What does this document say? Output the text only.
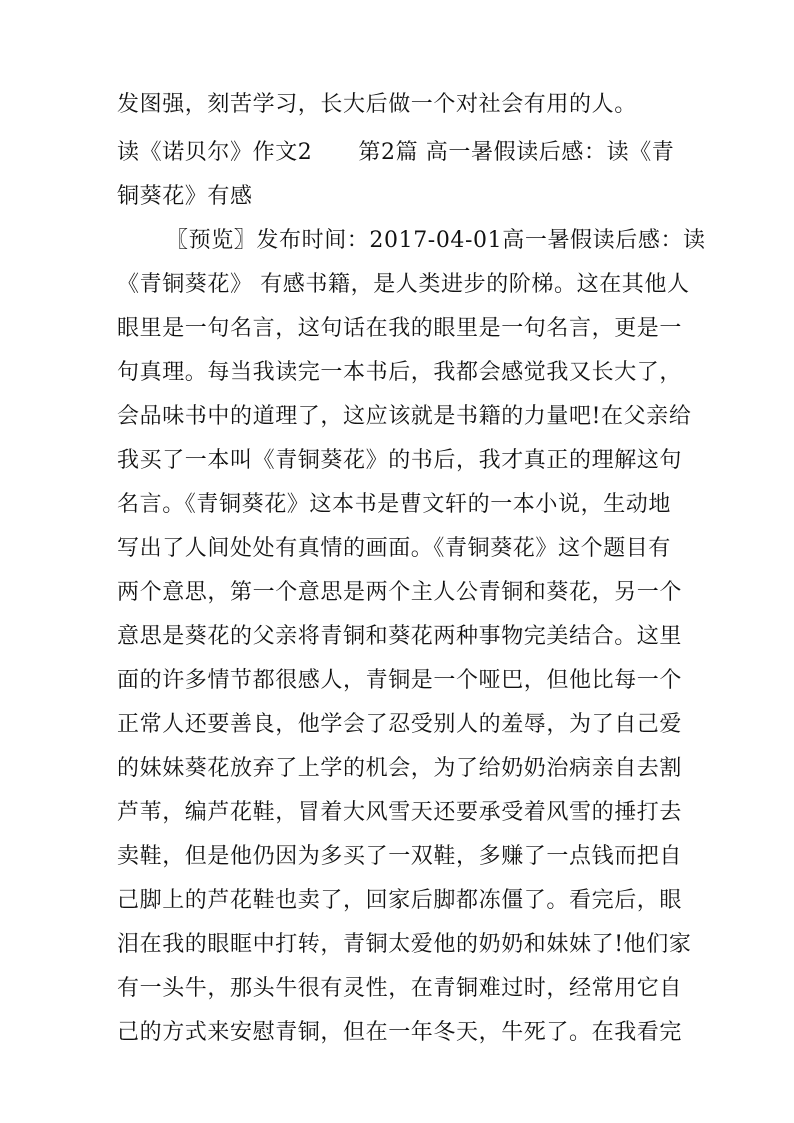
发图强，刻苦学习，长大后做一个对社会有用的人。
读《诺贝尔》作文2 第2篇 高一暑假读后感：读《青
铜葵花》有感
〖预览〗发布时间：2017-04-01高一暑假读后感：读
《青铜葵花》 有感书籍，是人类进步的阶梯。这在其他人
眼里是一句名言，这句话在我的眼里是一句名言，更是一
句真理。每当我读完一本书后，我都会感觉我又长大了，
会品味书中的道理了，这应该就是书籍的力量吧!在父亲给
我买了一本叫《青铜葵花》的书后，我才真正的理解这句
名言。《青铜葵花》这本书是曹文轩的一本小说，生动地
写出了人间处处有真情的画面。《青铜葵花》这个题目有
两个意思，第一个意思是两个主人公青铜和葵花，另一个
意思是葵花的父亲将青铜和葵花两种事物完美结合。这里
面的许多情节都很感人，青铜是一个哑巴，但他比每一个
正常人还要善良，他学会了忍受别人的羞辱，为了自己爱
的妹妹葵花放弃了上学的机会，为了给奶奶治病亲自去割
芦苇，编芦花鞋，冒着大风雪天还要承受着风雪的捶打去
卖鞋，但是他仍因为多买了一双鞋，多赚了一点钱而把自
己脚上的芦花鞋也卖了，回家后脚都冻僵了。看完后，眼
泪在我的眼眶中打转，青铜太爱他的奶奶和妹妹了!他们家
有一头牛，那头牛很有灵性，在青铜难过时，经常用它自
己的方式来安慰青铜，但在一年冬天，牛死了。在我看完
